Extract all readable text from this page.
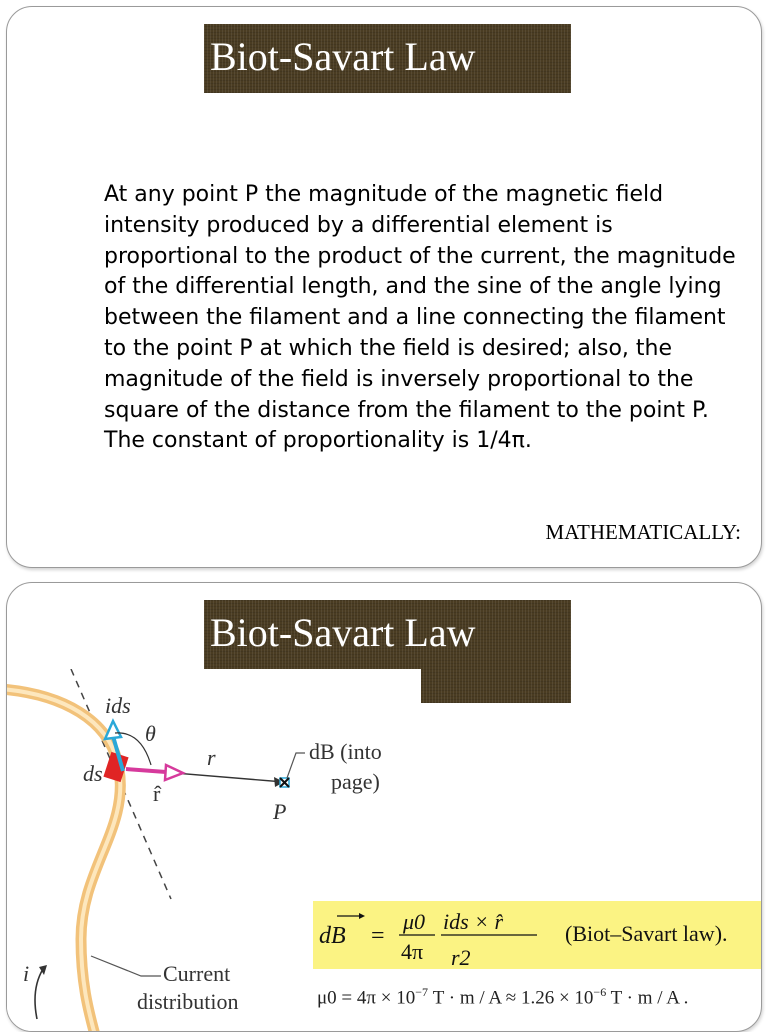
Biot-Savart Law

At any point P the magnitude of the magnetic field intensity produced by a differential element is proportional to the product of the current, the magnitude of the differential length, and the sine of the angle lying between the filament and a line connecting the filament to the point P at which the field is desired; also, the magnitude of the field is inversely proportional to the square of the distance from the filament to the point P. The constant of proportionality is 1/4π.

MATHEMATICALLY:
Biot-Savart Law
ids
θ
ds
r
r̂
dB (into
page)
P
i	Current
distribution
dB =
μ0
4π
ids × r̂
r2
(Biot–Savart law).
$\mu 0 = 4\pi \times 10^{-7}$ $T \cdot m / A \approx 1.26 \times 10^{-6}$ T · m / A .
